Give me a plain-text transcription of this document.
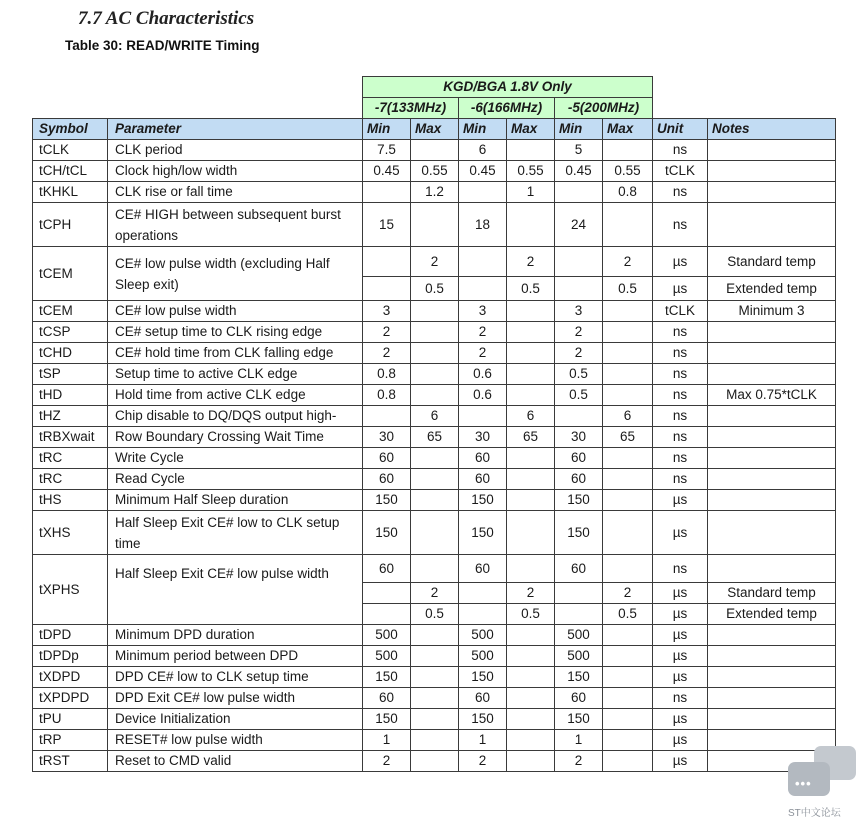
7.7 AC Characteristics
Table 30: READ/WRITE Timing
		KGD/BGA 1.8V Only							
		-7(133MHz)		-6(166MHz)		-5(200MHz)			
Symbol	Parameter	Min	Max	Min	Max	Min	Max	Unit	Notes
tCLK	CLK period	7.5		6		5		ns	
tCH/tCL	Clock high/low width	0.45	0.55	0.45	0.55	0.45	0.55	tCLK	
tKHKL	CLK rise or fall time		1.2		1		0.8	ns	
tCPH	CE# HIGH between subsequent burst operations	15		18		24		ns	
tCEM	CE# low pulse width (excluding Half Sleep exit)		2		2		2	µs	Standard temp
			0.5		0.5		0.5	µs	Extended temp
tCEM	CE# low pulse width	3		3		3		tCLK	Minimum 3
tCSP	CE# setup time to CLK rising edge	2		2		2		ns	
tCHD	CE# hold time from CLK falling edge	2		2		2		ns	
tSP	Setup time to active CLK edge	0.8		0.6		0.5		ns	
tHD	Hold time from active CLK edge	0.8		0.6		0.5		ns	Max 0.75*tCLK
tHZ	Chip disable to DQ/DQS output high-		6		6		6	ns	
tRBXwait	Row Boundary Crossing Wait Time	30	65	30	65	30	65	ns	
tRC	Write Cycle	60		60		60		ns	
tRC	Read Cycle	60		60		60		ns	
tHS	Minimum Half Sleep duration	150		150		150		µs	
tXHS	Half Sleep Exit CE# low to CLK setup time	150		150		150		µs	
tXPHS	Half Sleep Exit CE# low pulse width	60		60		60		ns	
			2		2		2	µs	Standard temp
			0.5		0.5		0.5	µs	Extended temp
tDPD	Minimum DPD duration	500		500		500		µs	
tDPDp	Minimum period between DPD	500		500		500		µs	
tXDPD	DPD CE# low to CLK setup time	150		150		150		µs	
tXPDPD	DPD Exit CE# low pulse width	60		60		60		ns	
tPU	Device Initialization	150		150		150		µs	
tRP	RESET# low pulse width	1		1		1		µs	
tRST	Reset to CMD valid	2		2		2		µs	
•••
ST中文论坛
